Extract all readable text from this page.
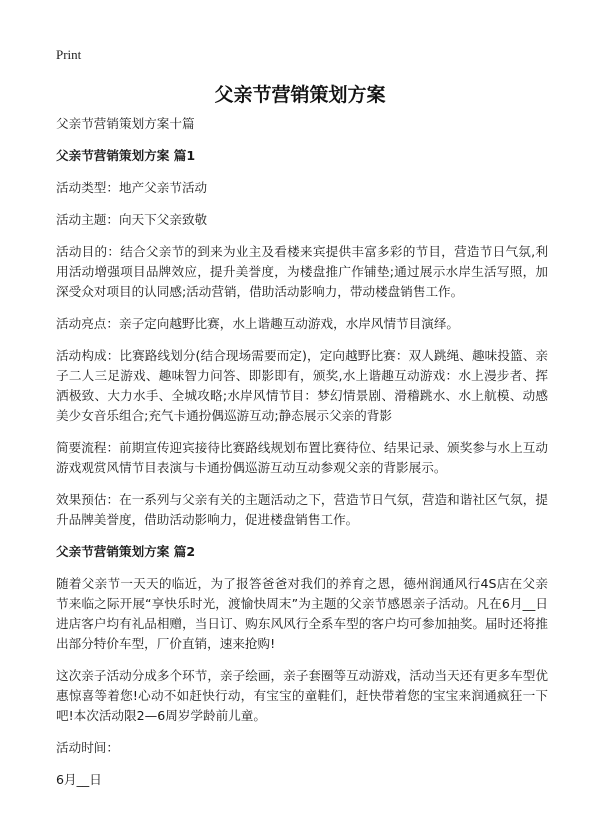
Print
父亲节营销策划方案

父亲节营销策划方案十篇

父亲节营销策划方案 篇1

活动类型：地产父亲节活动

活动主题：向天下父亲致敬

活动目的：结合父亲节的到来为业主及看楼来宾提供丰富多彩的节目，营造节日气氛,利用活动增强项目品牌效应，提升美誉度，为楼盘推广作铺垫;通过展示水岸生活写照，加深受众对项目的认同感;活动营销，借助活动影响力，带动楼盘销售工作。

活动亮点：亲子定向越野比赛，水上谐趣互动游戏，水岸风情节目演绎。

活动构成：比赛路线划分(结合现场需要而定)，定向越野比赛：双人跳绳、趣味投篮、亲子二人三足游戏、趣味智力问答、即影即有，颁奖,水上谐趣互动游戏：水上漫步者、挥洒极致、大力水手、全城攻略;水岸风情节目：梦幻情景剧、滑稽跳水、水上航模、动感美少女音乐组合;充气卡通扮偶巡游互动;静态展示父亲的背影

简要流程：前期宣传迎宾接待比赛路线规划布置比赛待位、结果记录、颁奖参与水上互动游戏观赏风情节目表演与卡通扮偶巡游互动互动参观父亲的背影展示。

效果预估：在一系列与父亲有关的主题活动之下，营造节日气氛，营造和谐社区气氛，提升品牌美誉度，借助活动影响力，促进楼盘销售工作。

父亲节营销策划方案 篇2

随着父亲节一天天的临近，为了报答爸爸对我们的养育之恩，德州润通风行4S店在父亲节来临之际开展“享快乐时光，渡愉快周末”为主题的父亲节感恩亲子活动。凡在6月__日进店客户均有礼品相赠，当日订、购东风风行全系车型的客户均可参加抽奖。届时还将推出部分特价车型，厂价直销，速来抢购!

这次亲子活动分成多个环节，亲子绘画，亲子套圈等互动游戏，活动当天还有更多车型优惠惊喜等着您!心动不如赶快行动，有宝宝的童鞋们，赶快带着您的宝宝来润通疯狂一下吧!本次活动限2—6周岁学龄前儿童。

活动时间：

6月__日
